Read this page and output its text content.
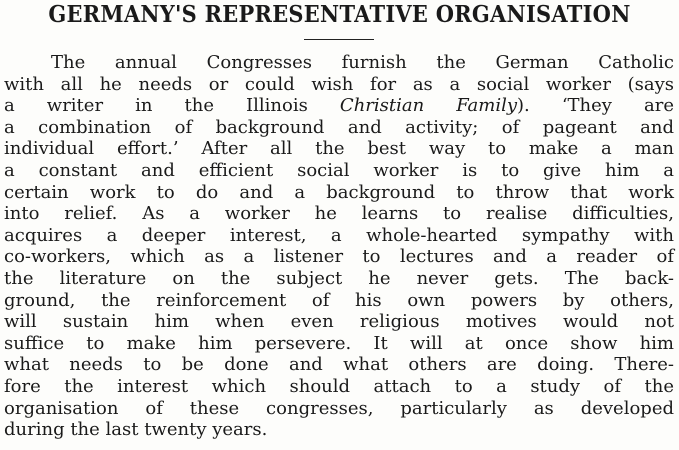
GERMANY'S REPRESENTATIVE ORGANISATION
The annual Congresses furnish the German Catholic
with all he needs or could wish for as a social worker (says
a writer in the Illinois Christian Family). ‘They are
a combination of background and activity; of pageant and
individual effort.’ After all the best way to make a man
a constant and efficient social worker is to give him a
certain work to do and a background to throw that work
into relief. As a worker he learns to realise difficulties,
acquires a deeper interest, a whole-hearted sympathy with
co-workers, which as a listener to lectures and a reader of
the literature on the subject he never gets. The back-
ground, the reinforcement of his own powers by others,
will sustain him when even religious motives would not
suffice to make him persevere. It will at once show him
what needs to be done and what others are doing. There-
fore the interest which should attach to a study of the
organisation of these congresses, particularly as developed
during the last twenty years.
